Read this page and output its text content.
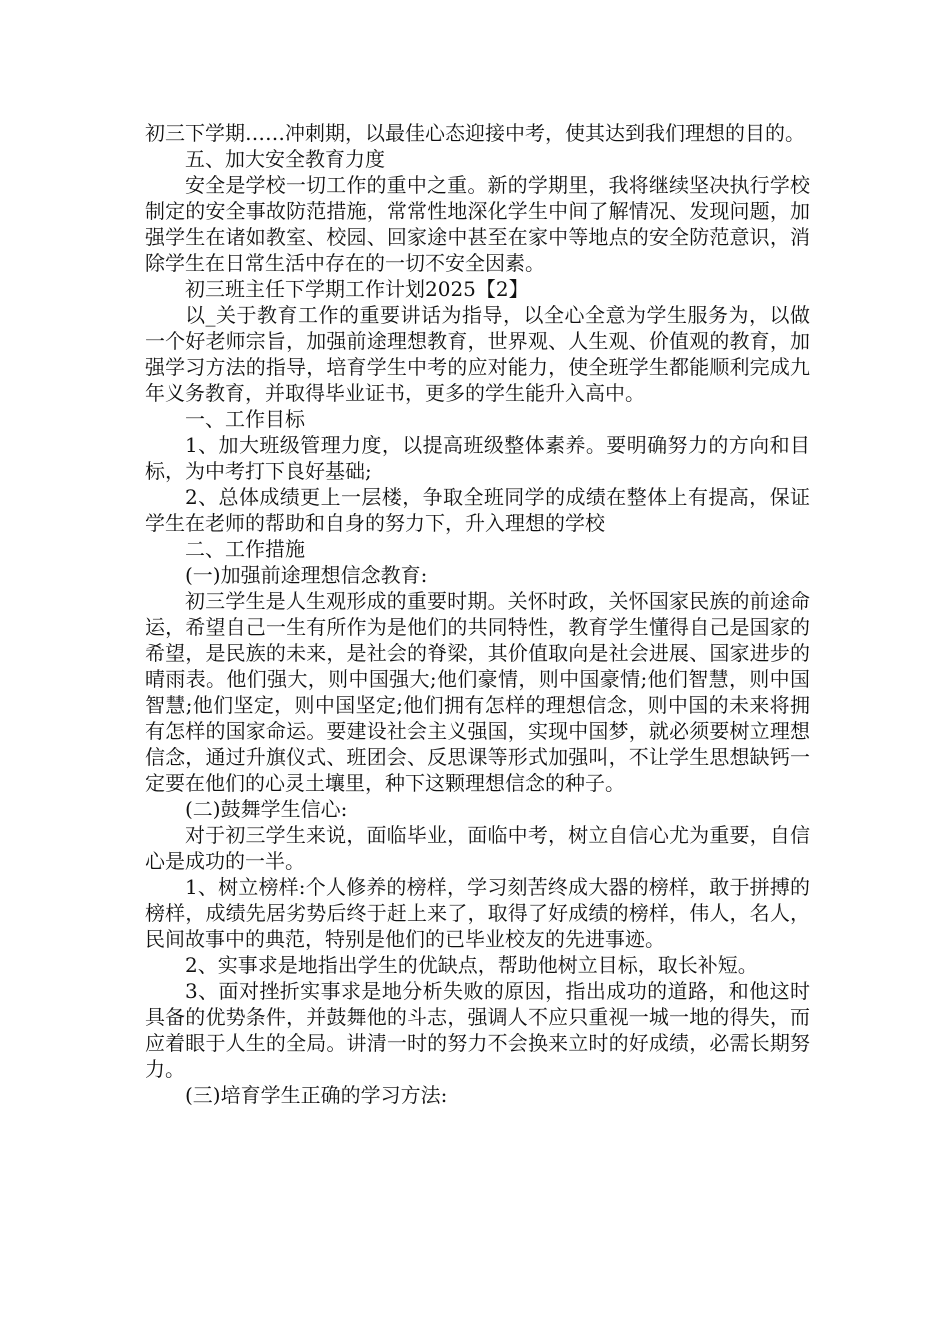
初三下学期……冲刺期，以最佳心态迎接中考，使其达到我们理想的目的。

五、加大安全教育力度

安全是学校一切工作的重中之重。新的学期里，我将继续坚决执行学校制定的安全事故防范措施，常常性地深化学生中间了解情况、发现问题，加强学生在诸如教室、校园、回家途中甚至在家中等地点的安全防范意识，消除学生在日常生活中存在的一切不安全因素。

初三班主任下学期工作计划2025【2】

以_关于教育工作的重要讲话为指导，以全心全意为学生服务为，以做一个好老师宗旨，加强前途理想教育，世界观、人生观、价值观的教育，加强学习方法的指导，培育学生中考的应对能力，使全班学生都能顺利完成九年义务教育，并取得毕业证书，更多的学生能升入高中。

一、工作目标

1、加大班级管理力度，以提高班级整体素养。要明确努力的方向和目标，为中考打下良好基础;

2、总体成绩更上一层楼，争取全班同学的成绩在整体上有提高，保证学生在老师的帮助和自身的努力下，升入理想的学校

二、工作措施

(一)加强前途理想信念教育:

初三学生是人生观形成的重要时期。关怀时政，关怀国家民族的前途命运，希望自己一生有所作为是他们的共同特性，教育学生懂得自己是国家的希望，是民族的未来，是社会的脊梁，其价值取向是社会进展、国家进步的晴雨表。他们强大，则中国强大;他们豪情，则中国豪情;他们智慧，则中国智慧;他们坚定，则中国坚定;他们拥有怎样的理想信念，则中国的未来将拥有怎样的国家命运。要建设社会主义强国，实现中国梦，就必须要树立理想信念，通过升旗仪式、班团会、反思课等形式加强叫，不让学生思想缺钙一定要在他们的心灵土壤里，种下这颗理想信念的种子。

(二)鼓舞学生信心:

对于初三学生来说，面临毕业，面临中考，树立自信心尤为重要，自信心是成功的一半。

1、树立榜样:个人修养的榜样，学习刻苦终成大器的榜样，敢于拼搏的榜样，成绩先居劣势后终于赶上来了，取得了好成绩的榜样，伟人，名人，民间故事中的典范，特别是他们的已毕业校友的先进事迹。

2、实事求是地指出学生的优缺点，帮助他树立目标，取长补短。

3、面对挫折实事求是地分析失败的原因，指出成功的道路，和他这时具备的优势条件，并鼓舞他的斗志，强调人不应只重视一城一地的得失，而应着眼于人生的全局。讲清一时的努力不会换来立时的好成绩，必需长期努力。

(三)培育学生正确的学习方法:
